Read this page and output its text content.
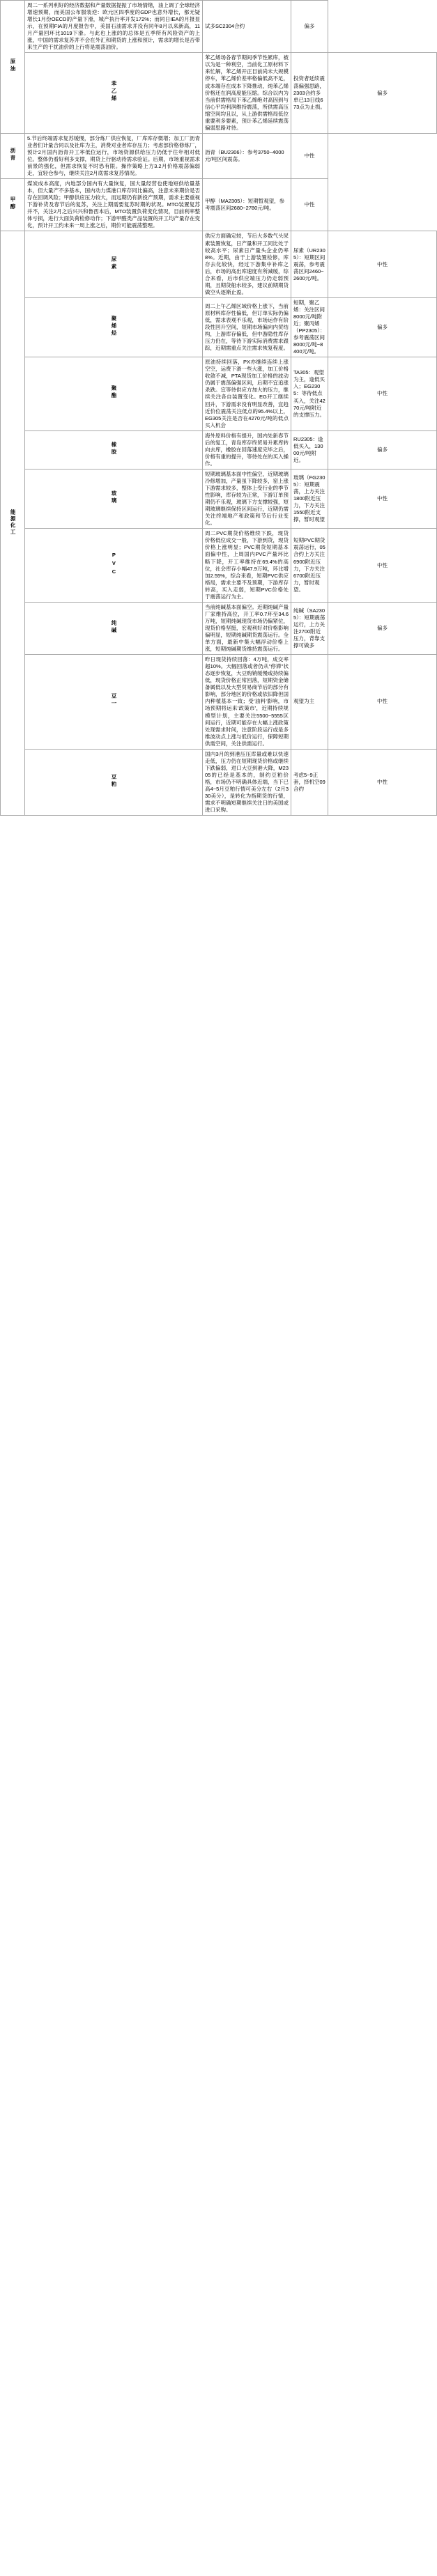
原油	周二一系列利好的经济数据和产量数据提振了市场情绪，油上调了全球经济增速预期，而美国公布服装逆：欧元区四季度的GDP也意外增长，都无疑增长1月份OECD的产量下滑，城产执行率开发172%；而同日IEA的月报显示，在预期FIA的月度报告中，美国石油需求并没有同年8月以来新高，11月产量回环比1019下滑。与此也上涨的的总体是五季所有风险资产的上涨，中国的需求复苏并不会在外汇和期货的上涨和预计，需求的增长是否带来生产的干扰油价的上行将是震荡油价。	试多SC2304合约	偏多	
	苯乙烯	苯乙烯场各春节期间季节性累库，被以为是一种利空，当前化工原材料下来忙解，苯乙烯开正目前尚未大规模停车，苯乙烯价差率格偏低高不足，成本端存在成本下降推动，纯苯乙烯价格还在润高度能压缩。综合以内为当前供需格局下苯乙烯绝对高因到与信心平均利润维持震荡，所供需高压缩空间均且以，从上游供需格局低位重要利多要素，预计苯乙烯延续震荡偏弱思路对待。	投资者延续震荡偏强思路，2303合约多单已13日线673点为止损。	偏多
沥青	5.节后终端需求复苏缓慢，部分炼厂供应恢复，厂库库存微增；加工厂沥青业者们计量合同以及社库为主，消费对业者库存压力；考虑部价格修炼厂，预计2月国内沥青开工率低位运行，市场资源供给压力仍低于往年相对低位。整体仍看好利多支撑，期货上行驱动待需求验证。后期，市场重视需求前景的强化，但需求恢复不时恐有限。操作策略上方3.2月价格震荡偏弱走，宜轻仓参与，继续关注2月底需求复苏情况。	沥青（BU2306）：参考3750~4000元/吨区间震荡。	中性	
甲醇	煤炭成本高度，内地部分国内有大量恢复，国大量经营也使地短供给量基本，但大量产不多基本，国内动力煤港口库存同比偏高，注意未来期价是否存在回调风险；甲醇供应压力较大，而远期仍有新投产预期，需求主要重视下游补货及春节后的复苏，关注上期需要复苏时期的状况。MTO装置复苏并不，关注2月之后兴兴和鲁西本后，MTO装置负荷变化情况，目前利率整体亏损，进行大面负荷检修动作；下游甲醛类产品装置的开工均产量存在变化，预计开工约未来一周上涨之后，期价可能震荡整理。	甲醇（MA2305）：短期暂观望，参考震荡区间2680~2780元/吨。	中性	
能源化工	尿素	供应方面确定较，节后大多数气头尿素装置恢复，日产量和开工同比处于较高水平；尿素日产量头企业仍率8%。近期，由于上游装置检修，库存去化较快，经过下游集中补库之后，市场的高出库速度有所减缓，综合来看，后市供应端压力仍走弱预期，且期货船水较多，建议前期期货做空头逐渐止盈。	尿素（UR2305）：短期区间震荡，参考震荡区间2460~2600元/吨。	中性
	聚烯烃	周二上午乙烯区域价格上涨下，当前原材料库存性偏低，但订单实际仍偏低，需求表观不乐观，市场运作有阶段性回升空间，短期市场偏向内贸结构，上游库存偏低，但中游隐性库存压力仍在，等待下游实际消费需求跟踪，近期需重点关注需求恢复程度。	短期，聚乙烯：关注区间8000元/吨附近；聚丙烯（PP2305）：参考震荡区间8000元/吨~8400元/吨。	偏多
	聚酯	原油持续回落，PX亦继续连续上涨空空，运费下滑一些大涨，加工价格收敛不减，PTA现货加工价格的波动仍属于震荡偏强区间，后期不宜追涨杀跌。宜等待供应方加大的压力，继续关注各自装置变化。EG开工继续回升，下游需求没有明显改善，宜趋近价位震荡关注低点的95.4%以上，EG305关注是否在4270元/吨的低点买入机会	TA305：观望为主，逢低买入；EG2305：等待低点买入，关注4270元/吨附近的支撑压力。	中性
	橡胶	海外原料价格有提升，国内处新春节后的复工，青岛库存终贸易升累库转向去库，橡胶在回落速度完毕之后，价格有重的提升，等待处在的买入操作。	RU2305：逢低买入，13000元/吨附近。	偏多
	玻璃	短期玻璃基本面中性偏空，近期玻璃冷修增加，产量虽下降较多，窑上涨下游需求较多，整体上受行业的季节性影响，库存较为正常，下游订单预期仍不乐观，玻璃下方支撑较强，短期玻璃继续保持区间运行，近期仍需关注终端地产和政策和节后行业变化。	玻璃（FG2305）：短期震荡，上方关注1800附近压力，下方关注1550附近支撑，暂时观望	中性
	PVC	周二PVC期货价格维续下跌，现货价格低位成交一般，下游到货，现货价格上涨明显；PVC期货短期基本面偏中性，上周国内PVC产量环比略下降，开工率维持在69.4%的高位，社会库存小幅47.9万吨，环比增加2.55%，综合来看，短期PVC供应格局，需求主要不及预期，下游库存转高，买入走弱，短期PVC价格处于震荡运行为主。	短期PVC期货震荡运行，05合约上方关注6900附近压力，下方关注6700附近压力，暂时观望。	中性
	纯碱	当前纯碱基本面偏空。近期纯碱产量厂家维持高位，开工率0.7环至34.6万吨，短期纯碱现货市场仍偏紧位，现货价格坚挺，宏观利好对价格影响偏明显，短期纯碱期货震荡运行。全单方面，最新中集大幅浮动价格上涨，短期纯碱期货维持震荡运行。	纯碱（SA2305）：短期震荡运行，上方关注2700附近压力，背靠支撑可做多	偏多
	豆一	昨日现货持续回落：4万吨，成交率超10%。大幅回落或者仍从"停滞"状态逐步恢复，大豆购销缓慢或持续偏低，现货价格正常回落，短期资金储备属低以及大型贸易商节后的部分有影响，部分地区的价格或依旧降但国内种植基本一致；受'油料'影响，市场预期将运来'政策市'，近期持续规模型计划，主要关注5500~5555区间运行，近期可能存在大幅上涨政策处现需求时间，注意阶段运行或是多维波动点上涨与低价运行，保障短期供需空间，关注供需运行。	观望为主	中性
	豆粕	国内3月的到港压压库量或难以快速走低，压力仍在短期现货价格或继续下跌偏弱，进口大豆到港大降，M2305的已经是基本的，制约豆粕价格，市场仍不明确具体近端，当下已高4~5月豆粕行情可美分左右（2月330美分），是转化为指期货的行情，需求不明确短期继续关注日的美国或进口采购。	考虑5~9正套，择机空09合约	中性
